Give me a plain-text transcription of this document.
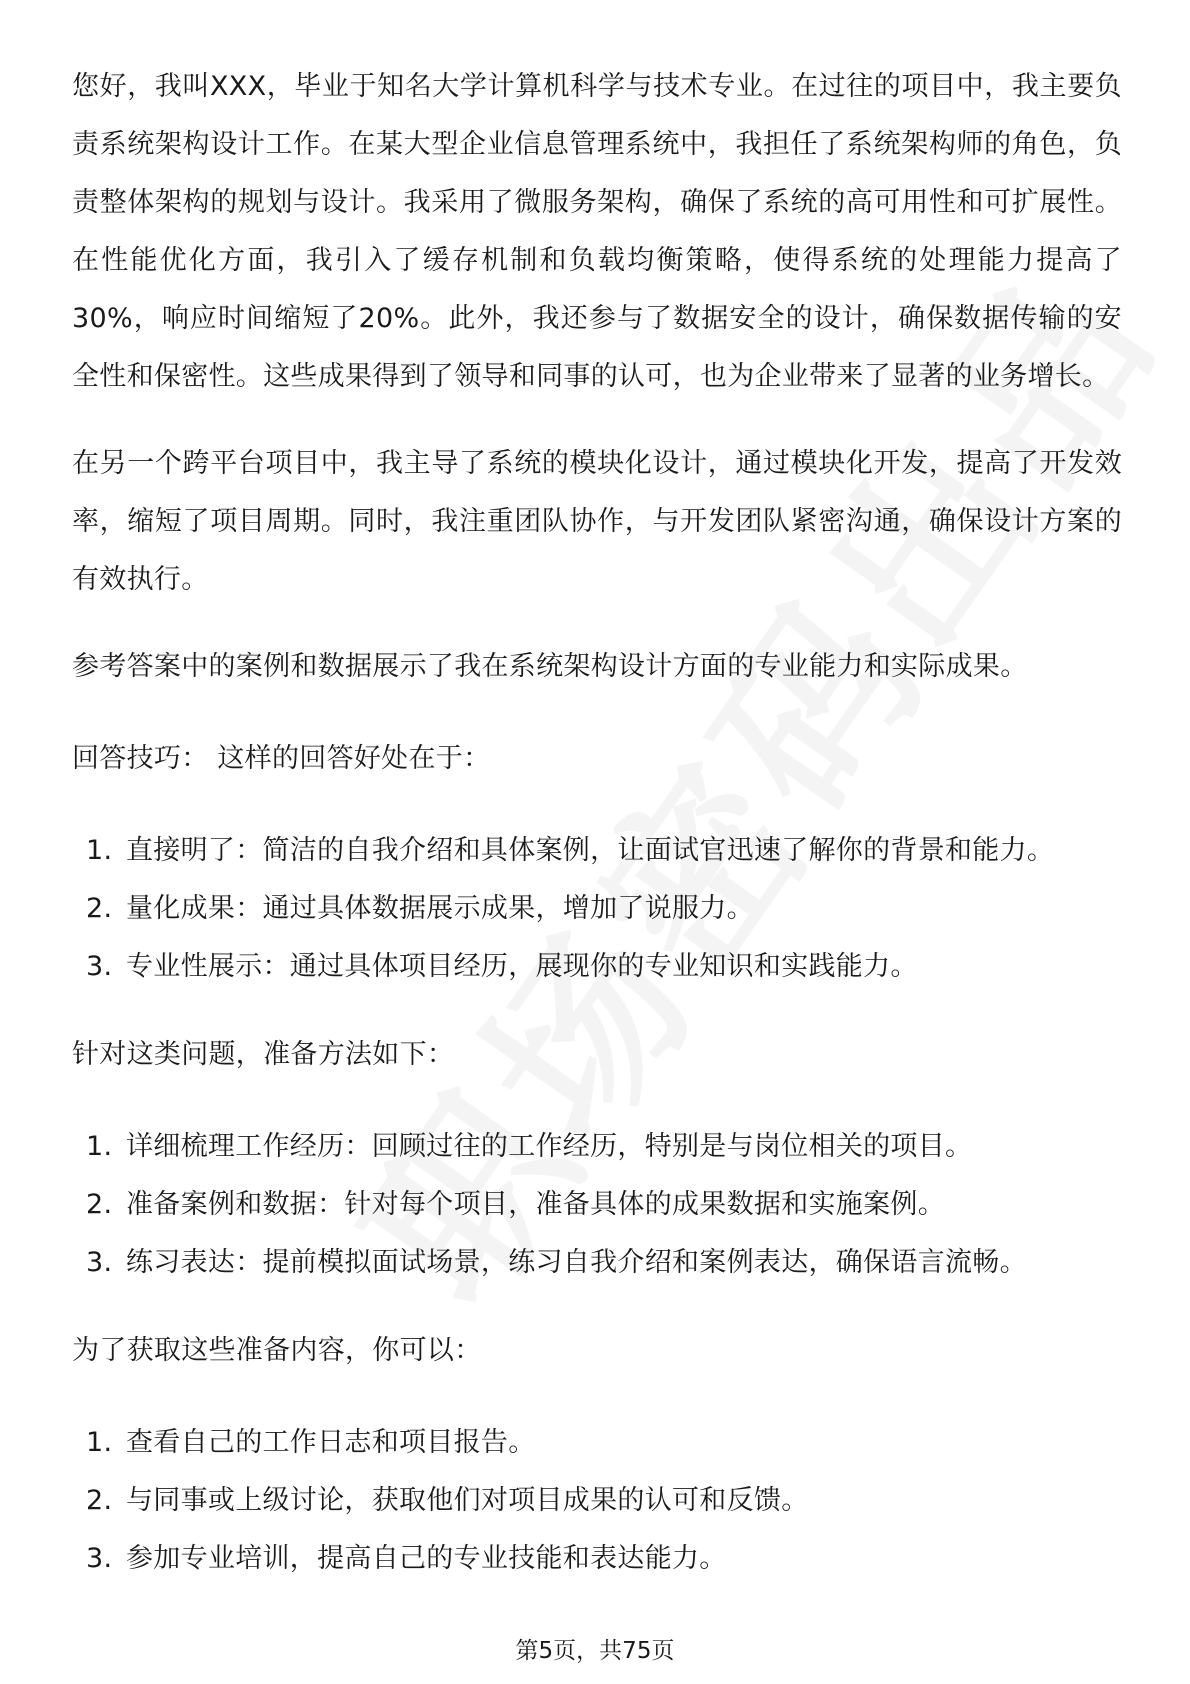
您好，我叫XXX，毕业于知名大学计算机科学与技术专业。在过往的项目中，我主要负责系统架构设计工作。在某大型企业信息管理系统中，我担任了系统架构师的角色，负责整体架构的规划与设计。我采用了微服务架构，确保了系统的高可用性和可扩展性。在性能优化方面，我引入了缓存机制和负载均衡策略，使得系统的处理能力提高了30%，响应时间缩短了20%。此外，我还参与了数据安全的设计，确保数据传输的安全性和保密性。这些成果得到了领导和同事的认可，也为企业带来了显著的业务增长。

在另一个跨平台项目中，我主导了系统的模块化设计，通过模块化开发，提高了开发效率，缩短了项目周期。同时，我注重团队协作，与开发团队紧密沟通，确保设计方案的有效执行。

参考答案中的案例和数据展示了我在系统架构设计方面的专业能力和实际成果。

回答技巧： 这样的回答好处在于：

1. 直接明了：简洁的自我介绍和具体案例，让面试官迅速了解你的背景和能力。
2. 量化成果：通过具体数据展示成果，增加了说服力。
3. 专业性展示：通过具体项目经历，展现你的专业知识和实践能力。

针对这类问题，准备方法如下：

1. 详细梳理工作经历：回顾过往的工作经历，特别是与岗位相关的项目。
2. 准备案例和数据：针对每个项目，准备具体的成果数据和实施案例。
3. 练习表达：提前模拟面试场景，练习自我介绍和案例表达，确保语言流畅。

为了获取这些准备内容，你可以：

1. 查看自己的工作日志和项目报告。
2. 与同事或上级讨论，获取他们对项目成果的认可和反馈。
3. 参加专业培训，提高自己的专业技能和表达能力。
第5页，共75页
